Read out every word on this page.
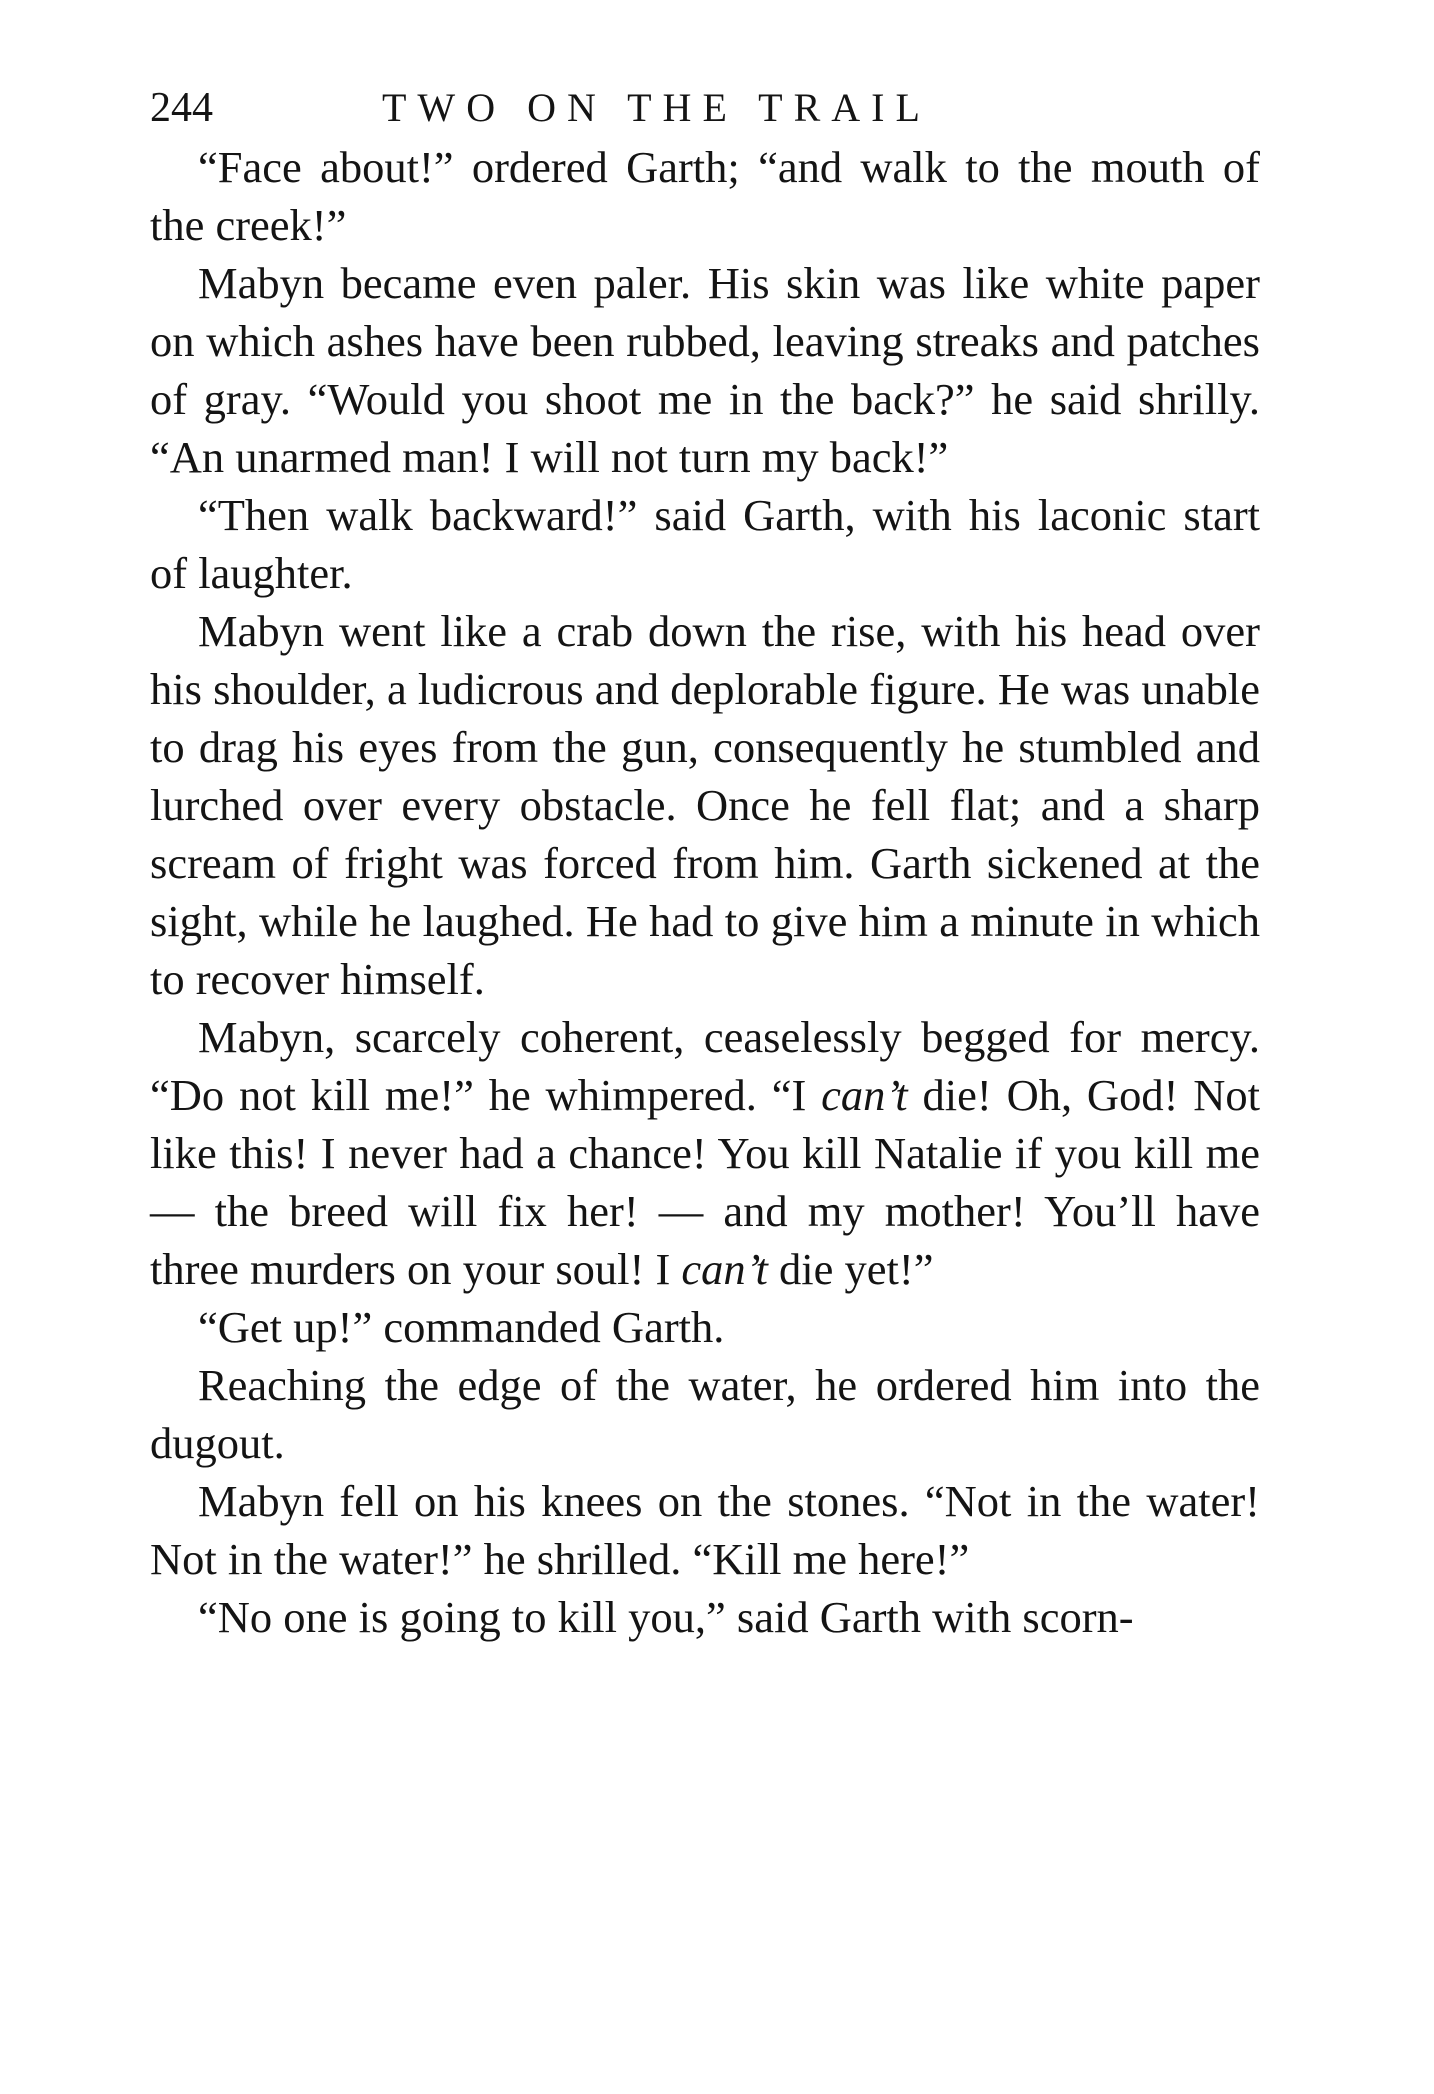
244	TWO ON THE TRAIL

“Face about!” ordered Garth; “and walk to the mouth of the creek!”

Mabyn became even paler. His skin was like white paper on which ashes have been rubbed, leaving streaks and patches of gray. “Would you shoot me in the back?” he said shrilly. “An unarmed man! I will not turn my back!”

“Then walk backward!” said Garth, with his laconic start of laughter.

Mabyn went like a crab down the rise, with his head over his shoulder, a ludicrous and deplorable figure. He was unable to drag his eyes from the gun, consequently he stumbled and lurched over every obstacle. Once he fell flat; and a sharp scream of fright was forced from him. Garth sickened at the sight, while he laughed. He had to give him a minute in which to recover himself.

Mabyn, scarcely coherent, ceaselessly begged for mercy. “Do not kill me!” he whimpered. “I can’t die! Oh, God! Not like this! I never had a chance! You kill Natalie if you kill me — the breed will fix her! — and my mother! You’ll have three murders on your soul! I can’t die yet!”

“Get up!” commanded Garth.

Reaching the edge of the water, he ordered him into the dugout.

Mabyn fell on his knees on the stones. “Not in the water! Not in the water!” he shrilled. “Kill me here!”

“No one is going to kill you,” said Garth with scorn-
